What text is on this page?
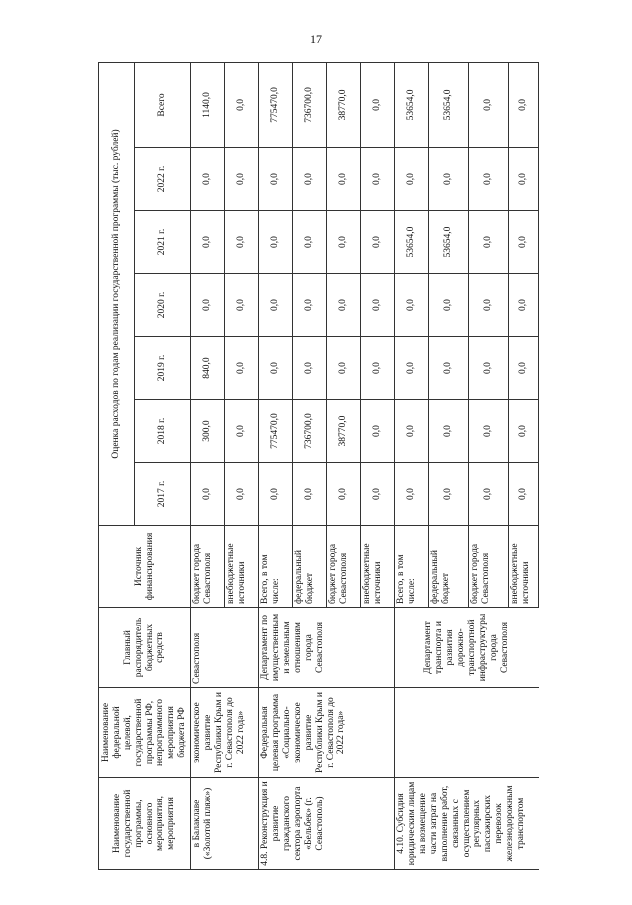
17
Наименование государственной программы, основного мероприятия, мероприятия	Наименование федеральной целевой, государственной программы РФ, непрограммного мероприятия бюджета РФ	Главный распорядитель бюджетных средств	Источник финансирования	Оценка расходов по годам реализации государственной программы (тыс. рублей)						
				2017 г.	2018 г.	2019 г.	2020 г.	2021 г.	2022 г.	Всего
в Балаклаве («Золотой пляж»)	экономическое развитие Республики Крым и г. Севастополя до 2022 года»	Севастополя	бюджет города Севастополя	0,0	300,0	840,0	0,0	0,0	0,0	1140,0
			внебюджетные источники	0,0	0,0	0,0	0,0	0,0	0,0	0,0
4.8. Реконструкция и развитие гражданского сектора аэропорта «Бельбек» (г. Севастополь)	Федеральная целевая программа «Социально-экономическое развитие Республики Крым и г. Севастополя до 2022 года»	Департамент по имущественным и земельным отношениям города Севастополя	Всего, в том числе:	0,0	775470,0	0,0	0,0	0,0	0,0	775470,0
			федеральный бюджет	0,0	736700,0	0,0	0,0	0,0	0,0	736700,0
			бюджет города Севастополя	0,0	38770,0	0,0	0,0	0,0	0,0	38770,0
			внебюджетные источники	0,0	0,0	0,0	0,0	0,0	0,0	0,0
4.10. Субсидия юридическим лицам на возмещение части затрат на выполнение работ, связанных с осуществлением регулярных пассажирских перевозок железнодорожным транспортом		Департамент транспорта и развития дорожно-транспортной инфраструктуры города Севастополя	Всего, в том числе:	0,0	0,0	0,0	0,0	53654,0	0,0	53654,0
			федеральный бюджет	0,0	0,0	0,0	0,0	53654,0	0,0	53654,0
			бюджет города Севастополя	0,0	0,0	0,0	0,0	0,0	0,0	0,0
			внебюджетные источники	0,0	0,0	0,0	0,0	0,0	0,0	0,0
